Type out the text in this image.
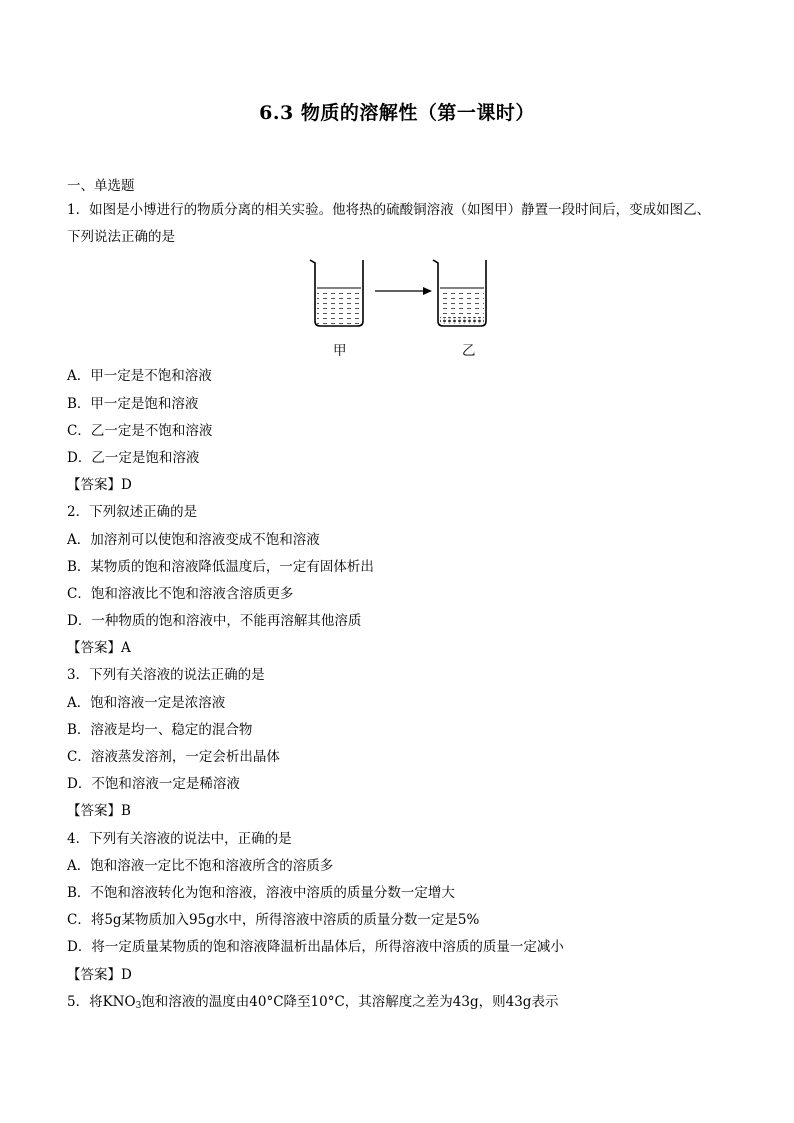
6.3 物质的溶解性（第一课时）
一、单选题
1．如图是小博进行的物质分离的相关实验。他将热的硫酸铜溶液（如图甲）静置一段时间后，变成如图乙、
下列说法正确的是
甲	乙
A．甲一定是不饱和溶液
B．甲一定是饱和溶液
C．乙一定是不饱和溶液
D．乙一定是饱和溶液
【答案】D
2．下列叙述正确的是
A．加溶剂可以使饱和溶液变成不饱和溶液
B．某物质的饱和溶液降低温度后，一定有固体析出
C．饱和溶液比不饱和溶液含溶质更多
D．一种物质的饱和溶液中，不能再溶解其他溶质
【答案】A
3．下列有关溶液的说法正确的是
A．饱和溶液一定是浓溶液
B．溶液是均一、稳定的混合物
C．溶液蒸发溶剂，一定会析出晶体
D．不饱和溶液一定是稀溶液
【答案】B
4．下列有关溶液的说法中，正确的是
A．饱和溶液一定比不饱和溶液所含的溶质多
B．不饱和溶液转化为饱和溶液，溶液中溶质的质量分数一定增大
C．将5g某物质加入95g水中，所得溶液中溶质的质量分数一定是5%
D．将一定质量某物质的饱和溶液降温析出晶体后，所得溶液中溶质的质量一定减小
【答案】D
5．将$KNO_3$饱和溶液的温度由40°C降至10°C，其溶解度之差为43g，则43g表示
